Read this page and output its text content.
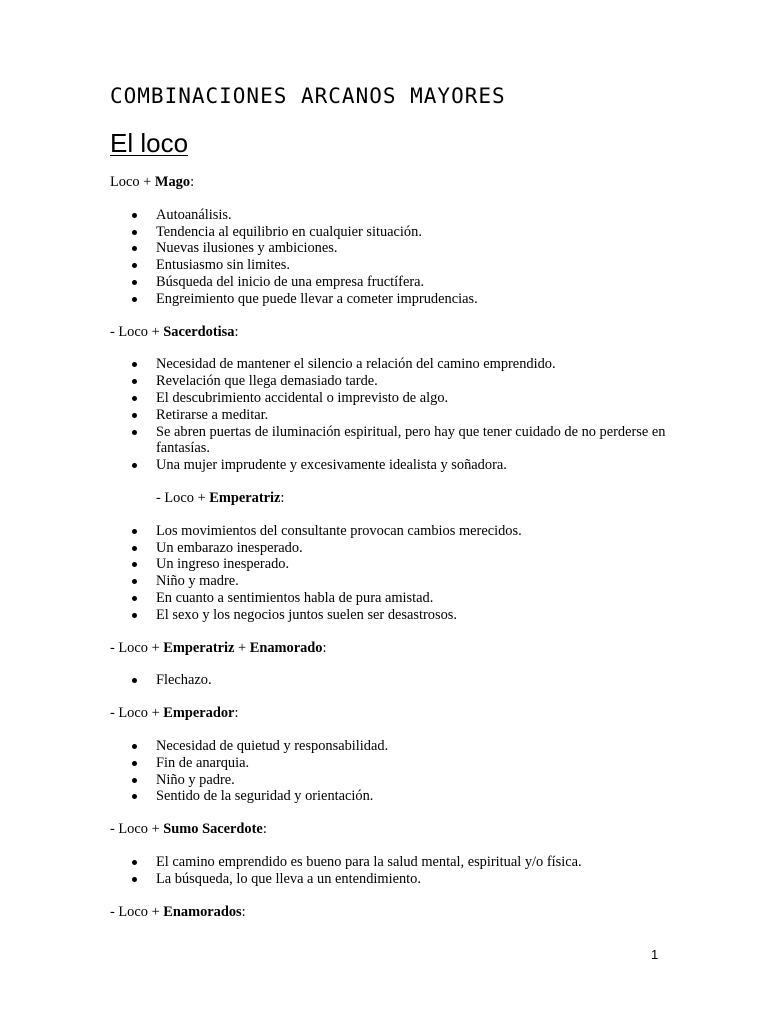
COMBINACIONES ARCANOS MAYORES
El loco

Loco + Mago:

Autoanálisis.
Tendencia al equilibrio en cualquier situación.
Nuevas ilusiones y ambiciones.
Entusiasmo sin limites.
Búsqueda del inicio de una empresa fructífera.
Engreimiento que puede llevar a cometer imprudencias.

- Loco + Sacerdotisa:

Necesidad de mantener el silencio a relación del camino emprendido.
Revelación que llega demasiado tarde.
El descubrimiento accidental o imprevisto de algo.
Retirarse a meditar.
Se abren puertas de iluminación espiritual, pero hay que tener cuidado de no perderse en fantasías.
Una mujer imprudente y excesivamente idealista y soñadora.

- Loco + Emperatriz:

Los movimientos del consultante provocan cambios merecidos.
Un embarazo inesperado.
Un ingreso inesperado.
Niño y madre.
En cuanto a sentimientos habla de pura amistad.
El sexo y los negocios juntos suelen ser desastrosos.

- Loco + Emperatriz + Enamorado:

Flechazo.

- Loco + Emperador:

Necesidad de quietud y responsabilidad.
Fin de anarquia.
Niño y padre.
Sentido de la seguridad y orientación.

- Loco + Sumo Sacerdote:

El camino emprendido es bueno para la salud mental, espiritual y/o física.
La búsqueda, lo que lleva a un entendimiento.

- Loco + Enamorados:

1
